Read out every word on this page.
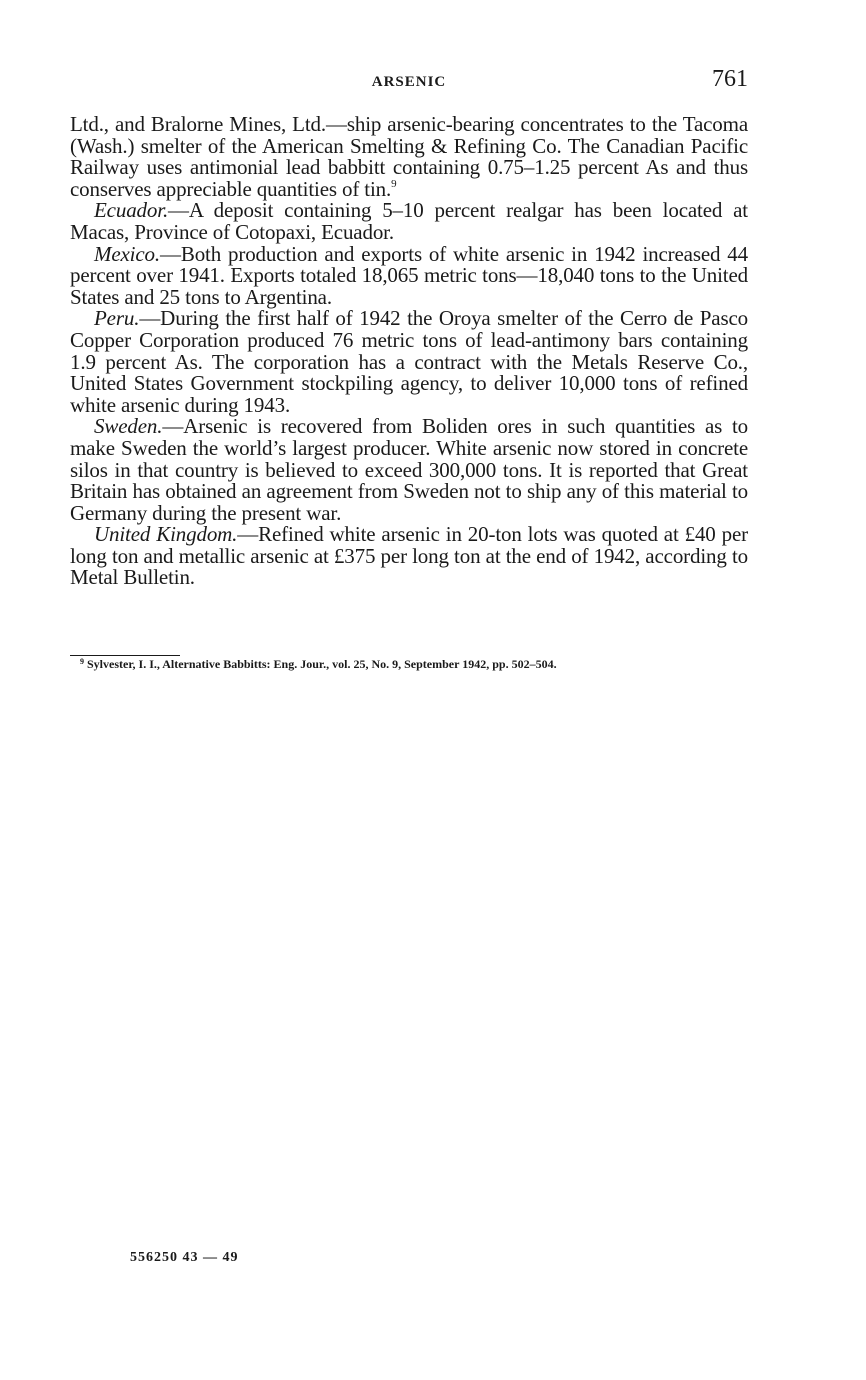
ARSENIC	761

Ltd., and Bralorne Mines, Ltd.—ship arsenic-bearing concentrates to the Tacoma (Wash.) smelter of the American Smelting & Refining Co. The Canadian Pacific Railway uses antimonial lead babbitt containing 0.75–1.25 percent As and thus conserves appreciable quantities of tin.$^9$

Ecuador.—A deposit containing 5–10 percent realgar has been located at Macas, Province of Cotopaxi, Ecuador.

Mexico.—Both production and exports of white arsenic in 1942 increased 44 percent over 1941. Exports totaled 18,065 metric tons—18,040 tons to the United States and 25 tons to Argentina.

Peru.—During the first half of 1942 the Oroya smelter of the Cerro de Pasco Copper Corporation produced 76 metric tons of lead-antimony bars containing 1.9 percent As. The corporation has a contract with the Metals Reserve Co., United States Government stockpiling agency, to deliver 10,000 tons of refined white arsenic during 1943.

Sweden.—Arsenic is recovered from Boliden ores in such quantities as to make Sweden the world’s largest producer. White arsenic now stored in concrete silos in that country is believed to exceed 300,000 tons. It is reported that Great Britain has obtained an agreement from Sweden not to ship any of this material to Germany during the present war.

United Kingdom.—Refined white arsenic in 20-ton lots was quoted at £40 per long ton and metallic arsenic at £375 per long ton at the end of 1942, according to Metal Bulletin.

$^9$ Sylvester, I. I., Alternative Babbitts: Eng. Jour., vol. 25, No. 9, September 1942, pp. 502–504.
556250 43 — 49
